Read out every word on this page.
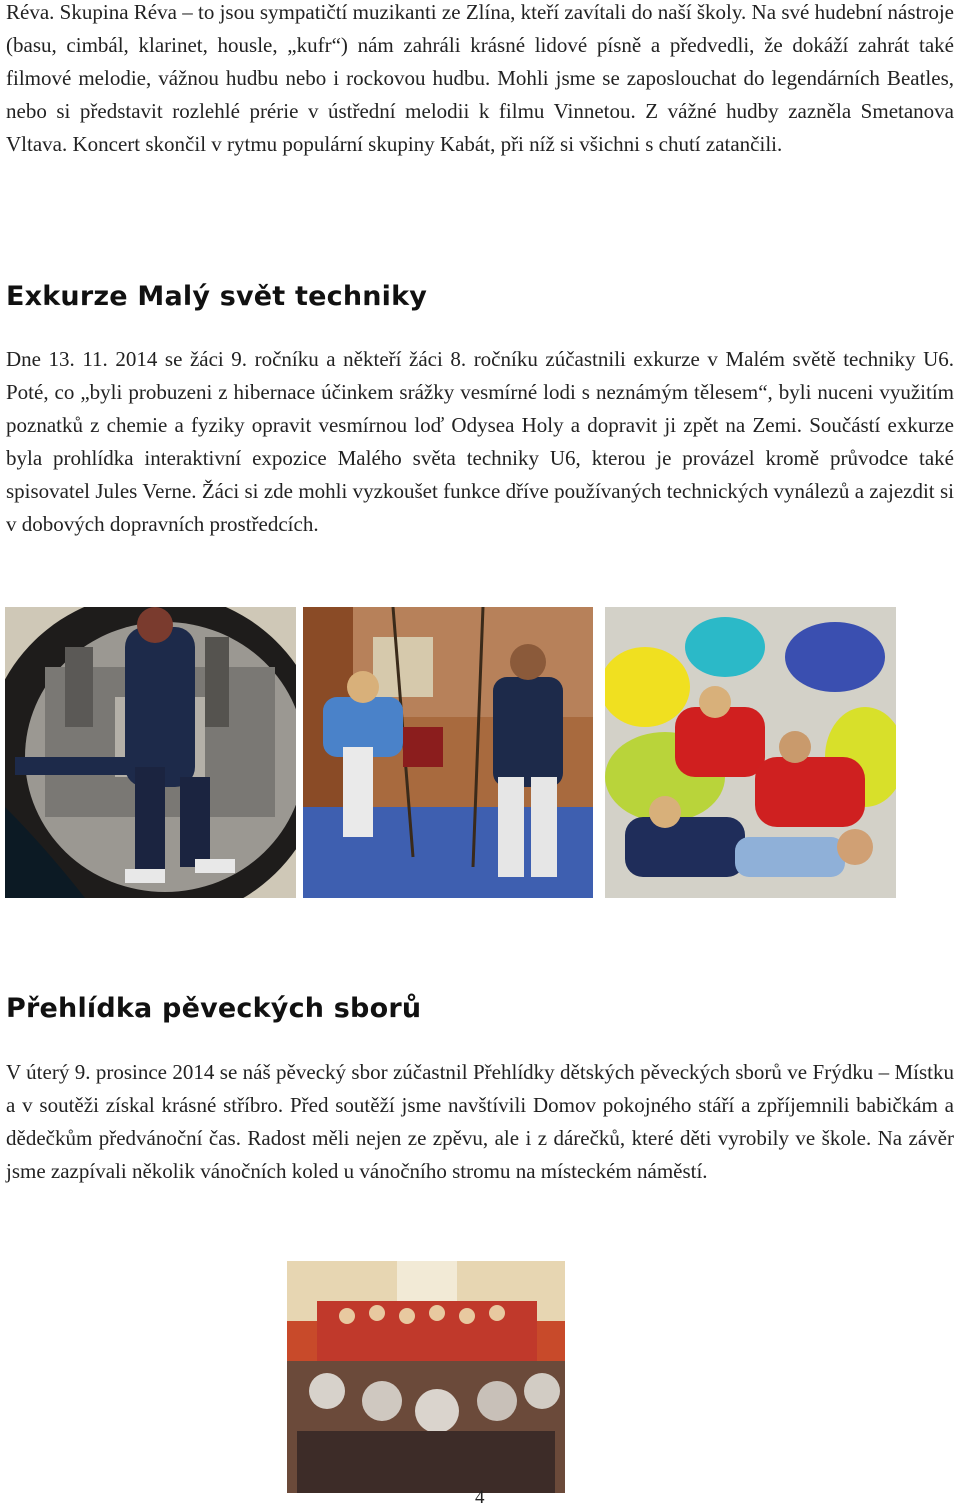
Réva. Skupina Réva – to jsou sympatičtí muzikanti ze Zlína, kteří zavítali do naší školy. Na své hudební nástroje (basu, cimbál, klarinet, housle, „kufr“) nám zahráli krásné lidové písně a předvedli, že dokáží zahrát také filmové melodie, vážnou hudbu nebo i rockovou hudbu. Mohli jsme se zaposlouchat do legendárních Beatles, nebo si představit rozlehlé prérie v ústřední melodii k filmu Vinnetou. Z vážné hudby zazněla Smetanova Vltava. Koncert skončil v rytmu populární skupiny Kabát, při níž si všichni s chutí zatančili.

Exkurze Malý svět techniky

Dne 13. 11. 2014 se žáci 9. ročníku a někteří žáci 8. ročníku zúčastnili exkurze v Malém světě techniky U6. Poté, co „byli probuzeni z hibernace účinkem srážky vesmírné lodi s neznámým tělesem“, byli nuceni využitím poznatků z chemie a fyziky opravit vesmírnou loď Odysea Holy a dopravit ji zpět na Zemi. Součástí exkurze byla prohlídka interaktivní expozice Malého světa techniky U6, kterou je provázel kromě průvodce také spisovatel Jules Verne. Žáci si zde mohli vyzkoušet funkce dříve používaných technických vynálezů a zajezdit si v dobových dopravních prostředcích.

Přehlídka pěveckých sborů

V úterý 9. prosince 2014 se náš pěvecký sbor zúčastnil Přehlídky dětských pěveckých sborů ve Frýdku – Místku a v soutěži získal krásné stříbro. Před soutěží jsme navštívili Domov pokojného stáří a zpříjemnili babičkám a dědečkům předvánoční čas. Radost měli nejen ze zpěvu, ale i z dárečků, které děti vyrobily ve škole. Na závěr jsme zazpívali několik vánočních koled u vánočního stromu na místeckém náměstí.

4
